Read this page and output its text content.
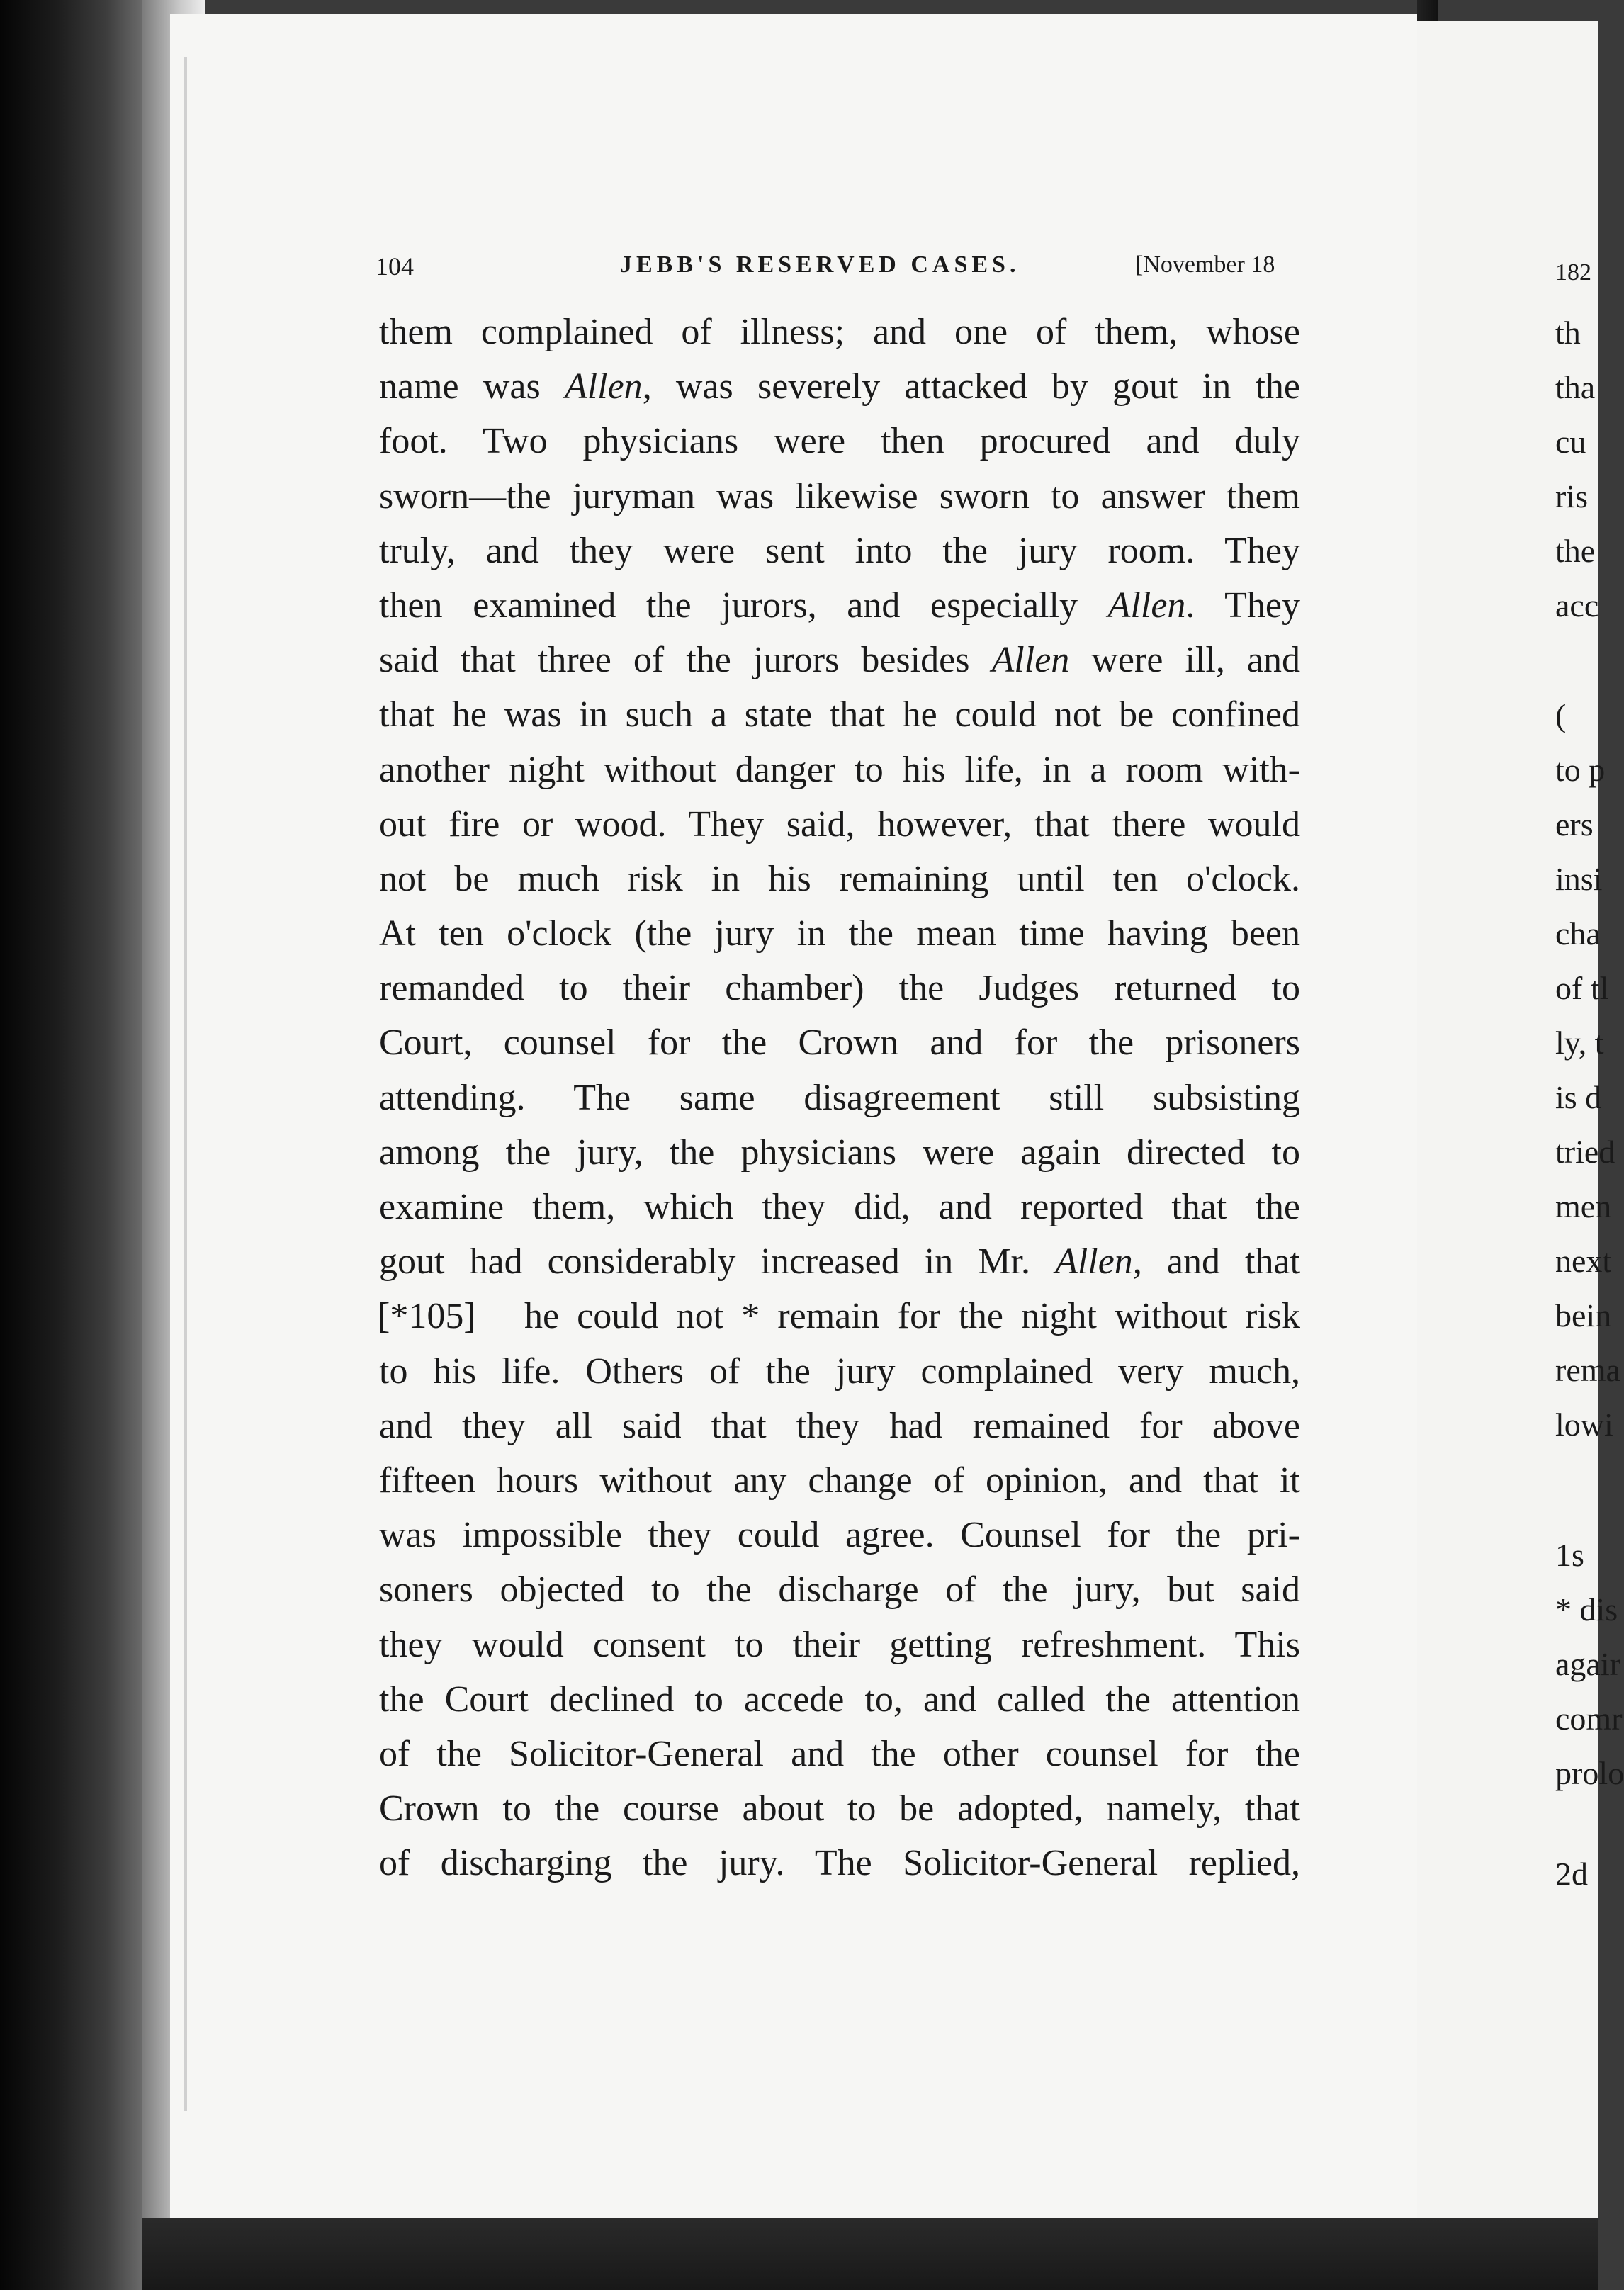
104	JEBB'S RESERVED CASES.	[November 18
them complained of illness; and one of them, whose
name was Allen, was severely attacked by gout in the
foot. Two physicians were then procured and duly
sworn—the juryman was likewise sworn to answer them
truly, and they were sent into the jury room. They
then examined the jurors, and especially Allen. They
said that three of the jurors besides Allen were ill, and
that he was in such a state that he could not be confined
another night without danger to his life, in a room with-
out fire or wood. They said, however, that there would
not be much risk in his remaining until ten o'clock.
At ten o'clock (the jury in the mean time having been
remanded to their chamber) the Judges returned to
Court, counsel for the Crown and for the prisoners
attending. The same disagreement still subsisting
among the jury, the physicians were again directed to
examine them, which they did, and reported that the
gout had considerably increased in Mr. Allen, and that
[*105] he could not * remain for the night without risk
to his life. Others of the jury complained very much,
and they all said that they had remained for above
fifteen hours without any change of opinion, and that it
was impossible they could agree. Counsel for the pri-
soners objected to the discharge of the jury, but said
they would consent to their getting refreshment. This
the Court declined to accede to, and called the attention
of the Solicitor-General and the other counsel for the
Crown to the course about to be adopted, namely, that
of discharging the jury. The Solicitor-General replied,
182
th
tha
cu
ris
the
acc
(
to p
ers
insi
cha
of tl
ly, t
is d
tried
men
next
bein
rema
lowi
1s
* dis
agair
comr
prolo
2d
